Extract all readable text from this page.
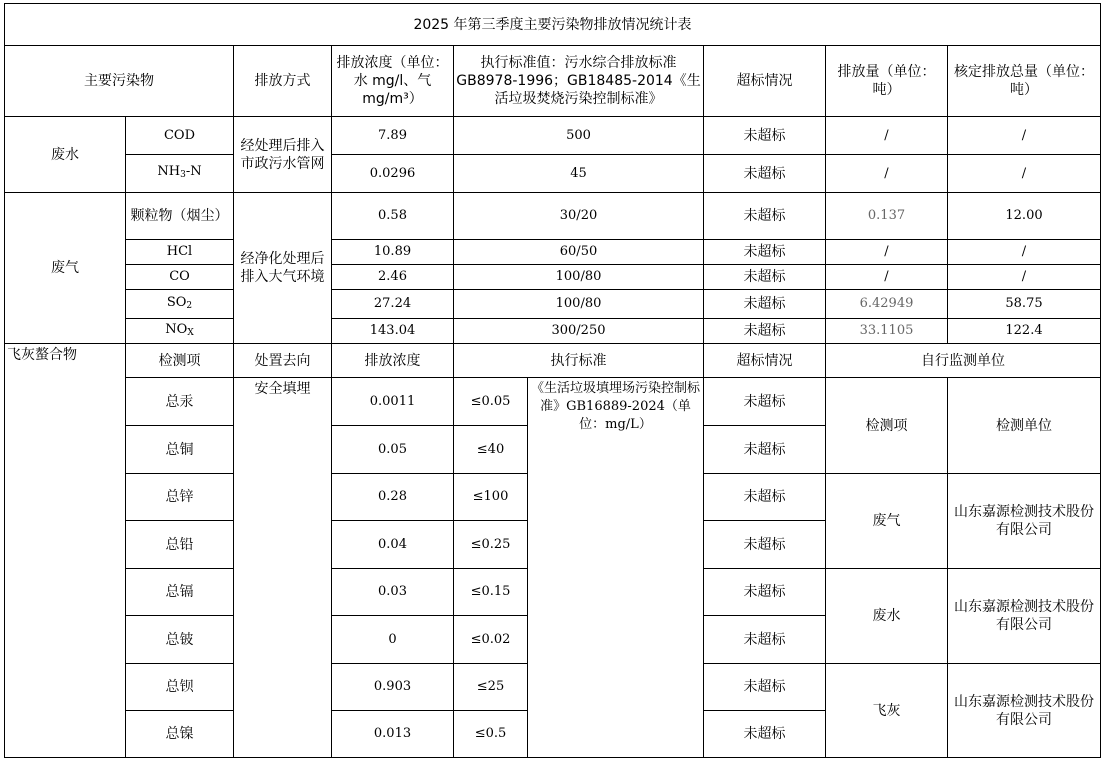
2025 年第三季度主要污染物排放情况统计表								
主要污染物		排放方式	排放浓度（单位：水 mg/l、气 mg/m³）	执行标准值：污水综合排放标准GB8978-1996；GB18485-2014《生活垃圾焚烧污染控制标准》		超标情况	排放量（单位：吨）	核定排放总量（单位：吨）
废水	COD	经处理后排入市政污水管网	7.89	500		未超标	/	/
	$NH_3-N$		0.0296	45		未超标	/	/
废气	颗粒物（烟尘）	经净化处理后排入大气环境	0.58	30/20		未超标	0.137	12.00
	HCl		10.89	60/50		未超标	/	/
	CO		2.46	100/80		未超标	/	/
	$SO_2$		27.24	100/80		未超标	6.42949	58.75
	$NO_X$		143.04	300/250		未超标	33.1105	122.4
飞灰螯合物	检测项	处置去向	排放浓度	执行标准		超标情况	自行监测单位	
	总汞	安全填埋	0.0011	≤0.05	《生活垃圾填埋场污染控制标准》GB16889-2024（单位：mg/L）	未超标	检测项	检测单位
	总铜		0.05	≤40		未超标		
	总锌		0.28	≤100		未超标	废气	山东嘉源检测技术股份有限公司
	总铅		0.04	≤0.25		未超标		
	总镉		0.03	≤0.15		未超标	废水	山东嘉源检测技术股份有限公司
	总铍		0	≤0.02		未超标		
	总钡		0.903	≤25		未超标	飞灰	山东嘉源检测技术股份有限公司
	总镍		0.013	≤0.5		未超标		
